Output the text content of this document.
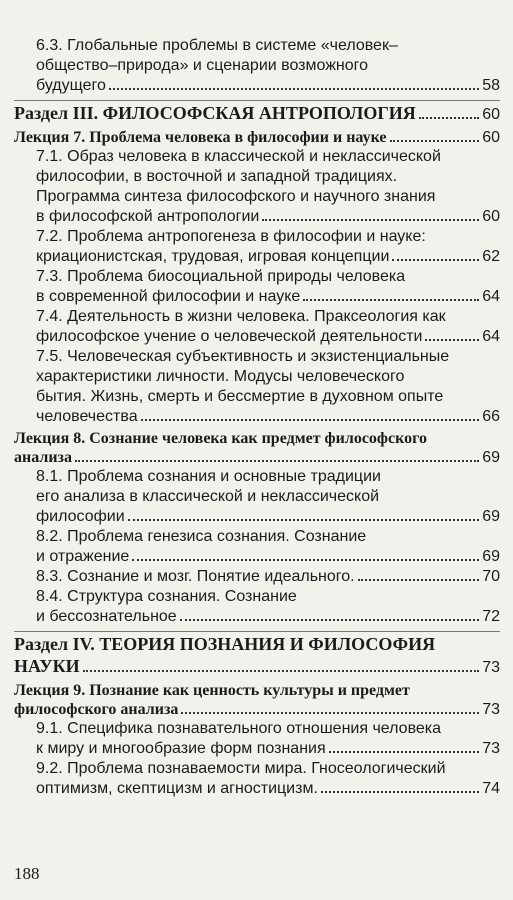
6.3. Глобальные проблемы в системе «человек–
общество–природа» и сценарии возможного
будущего	58
Раздел III. ФИЛОСОФСКАЯ АНТРОПОЛОГИЯ	60
Лекция 7. Проблема человека в философии и науке	60
7.1. Образ человека в классической и неклассической
философии, в восточной и западной традициях.
Программа синтеза философского и научного знания
в философской антропологии	60
7.2. Проблема антропогенеза в философии и науке:
криационистская, трудовая, игровая концепции	62
7.3. Проблема биосоциальной природы человека
в современной философии и науке	64
7.4. Деятельность в жизни человека. Праксеология как
философское учение о человеческой деятельности	64
7.5. Человеческая субъективность и экзистенциальные
характеристики личности. Модусы человеческого
бытия. Жизнь, смерть и бессмертие в духовном опыте
человечества	66
Лекция 8. Сознание человека как предмет философского
анализа	69
8.1. Проблема сознания и основные традиции
его анализа в классической и неклассической
философии	69
8.2. Проблема генезиса сознания. Сознание
и отражение	69
8.3. Сознание и мозг. Понятие идеального.	70
8.4. Структура сознания. Сознание
и бессознательное	72
Раздел IV. ТЕОРИЯ ПОЗНАНИЯ И ФИЛОСОФИЯ
НАУКИ	73
Лекция 9. Познание как ценность культуры и предмет
философского анализа	73
9.1. Специфика познавательного отношения человека
к миру и многообразие форм познания	73
9.2. Проблема познаваемости мира. Гносеологический
оптимизм, скептицизм и агностицизм.	74
188
